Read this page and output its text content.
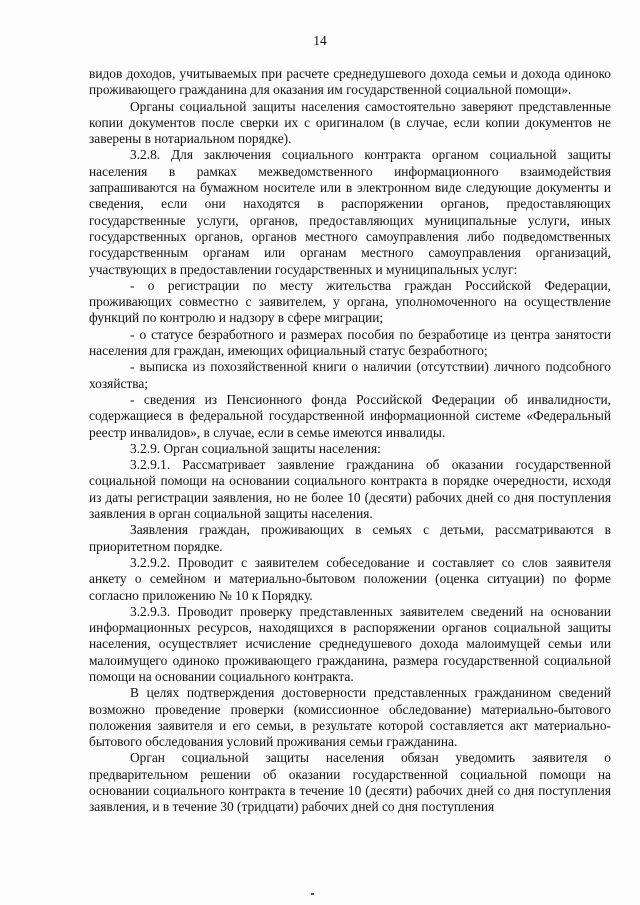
14

видов доходов, учитываемых при расчете среднедушевого дохода семьи и дохода одиноко проживающего гражданина для оказания им государственной социальной помощи».

Органы социальной защиты населения самостоятельно заверяют представленные копии документов после сверки их с оригиналом (в случае, если копии документов не заверены в нотариальном порядке).

3.2.8. Для заключения социального контракта органом социальной защиты населения в рамках межведомственного информационного взаимодействия запрашиваются на бумажном носителе или в электронном виде следующие документы и сведения, если они находятся в распоряжении органов, предоставляющих государственные услуги, органов, предоставляющих муниципальные услуги, иных государственных органов, органов местного самоуправления либо подведомственных государственным органам или органам местного самоуправления организаций, участвующих в предоставлении государственных и муниципальных услуг:

- о регистрации по месту жительства граждан Российской Федерации, проживающих совместно с заявителем, у органа, уполномоченного на осуществление функций по контролю и надзору в сфере миграции;

- о статусе безработного и размерах пособия по безработице из центра занятости населения для граждан, имеющих официальный статус безработного;

- выписка из похозяйственной книги о наличии (отсутствии) личного подсобного хозяйства;

- сведения из Пенсионного фонда Российской Федерации об инвалидности, содержащиеся в федеральной государственной информационной системе «Федеральный реестр инвалидов», в случае, если в семье имеются инвалиды.

3.2.9. Орган социальной защиты населения:

3.2.9.1. Рассматривает заявление гражданина об оказании государственной социальной помощи на основании социального контракта в порядке очередности, исходя из даты регистрации заявления, но не более 10 (десяти) рабочих дней со дня поступления заявления в орган социальной защиты населения.

Заявления граждан, проживающих в семьях с детьми, рассматриваются в приоритетном порядке.

3.2.9.2. Проводит с заявителем собеседование и составляет со слов заявителя анкету о семейном и материально-бытовом положении (оценка ситуации) по форме согласно приложению № 10 к Порядку.

3.2.9.3. Проводит проверку представленных заявителем сведений на основании информационных ресурсов, находящихся в распоряжении органов социальной защиты населения, осуществляет исчисление среднедушевого дохода малоимущей семьи или малоимущего одиноко проживающего гражданина, размера государственной социальной помощи на основании социального контракта.

В целях подтверждения достоверности представленных гражданином сведений возможно проведение проверки (комиссионное обследование) материально-бытового положения заявителя и его семьи, в результате которой составляется акт материально-бытового обследования условий проживания семьи гражданина.

Орган социальной защиты населения обязан уведомить заявителя о предварительном решении об оказании государственной социальной помощи на основании социального контракта в течение 10 (десяти) рабочих дней со дня поступления заявления, и в течение 30 (тридцати) рабочих дней со дня поступления
